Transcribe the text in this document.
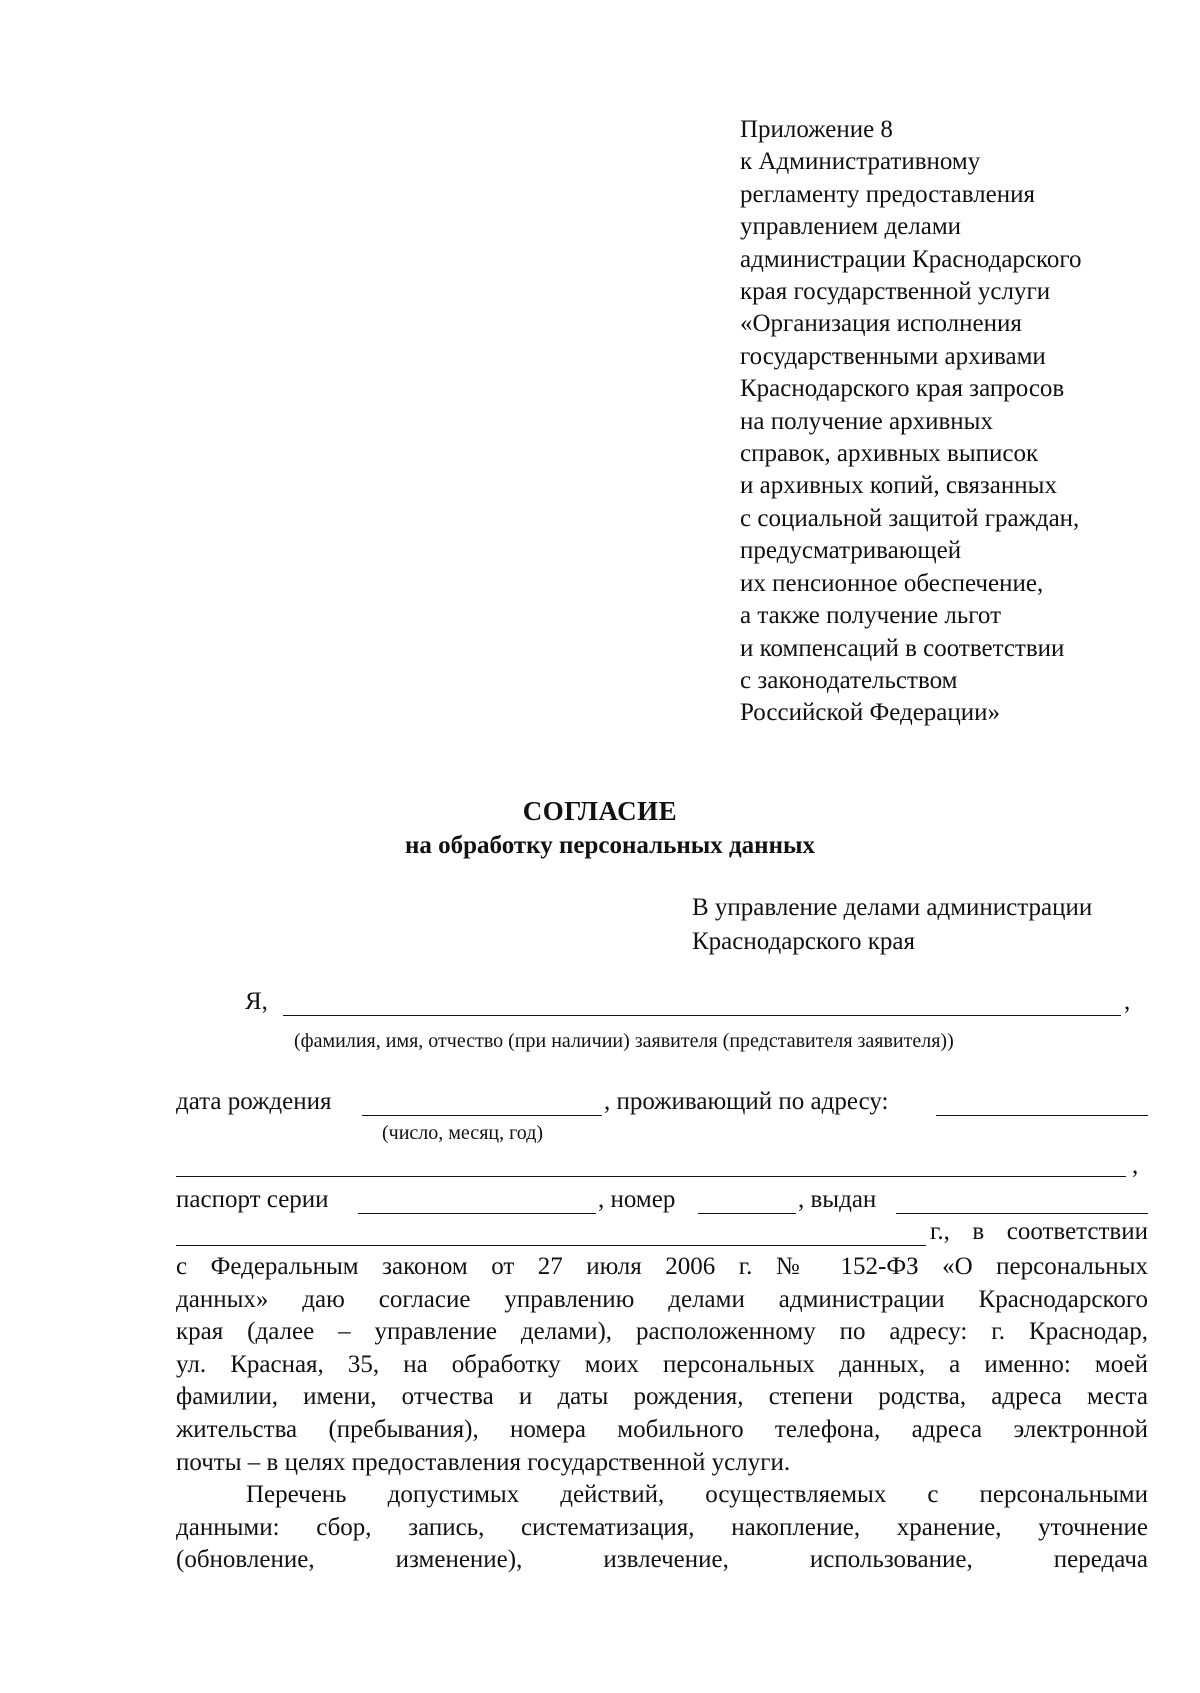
Приложение 8
к Административному
регламенту предоставления
управлением делами
администрации Краснодарского
края государственной услуги
«Организация исполнения
государственными архивами
Краснодарского края запросов
на получение архивных
справок, архивных выписок
и архивных копий, связанных
с социальной защитой граждан,
предусматривающей
их пенсионное обеспечение,
а также получение льгот
и компенсаций в соответствии
с законодательством
Российской Федерации»
СОГЛАСИЕ
на обработку персональных данных
В управление делами администрации
Краснодарского края
Я,	,
(фамилия, имя, отчество (при наличии) заявителя (представителя заявителя))
дата рождения	, проживающий по адресу:
(число, месяц, год)
,
паспорт серии	, номер	, выдан
г., в соответствии
с Федеральным законом от 27 июля 2006 г. № 152-ФЗ «О персональных
данных» даю согласие управлению делами администрации Краснодарского
края (далее – управление делами), расположенному по адресу: г. Краснодар,
ул. Красная, 35, на обработку моих персональных данных, а именно: моей
фамилии, имени, отчества и даты рождения, степени родства, адреса места
жительства (пребывания), номера мобильного телефона, адреса электронной
почты – в целях предоставления государственной услуги.
Перечень допустимых действий, осуществляемых с персональными
данными: сбор, запись, систематизация, накопление, хранение, уточнение
(обновление, изменение), извлечение, использование, передача
